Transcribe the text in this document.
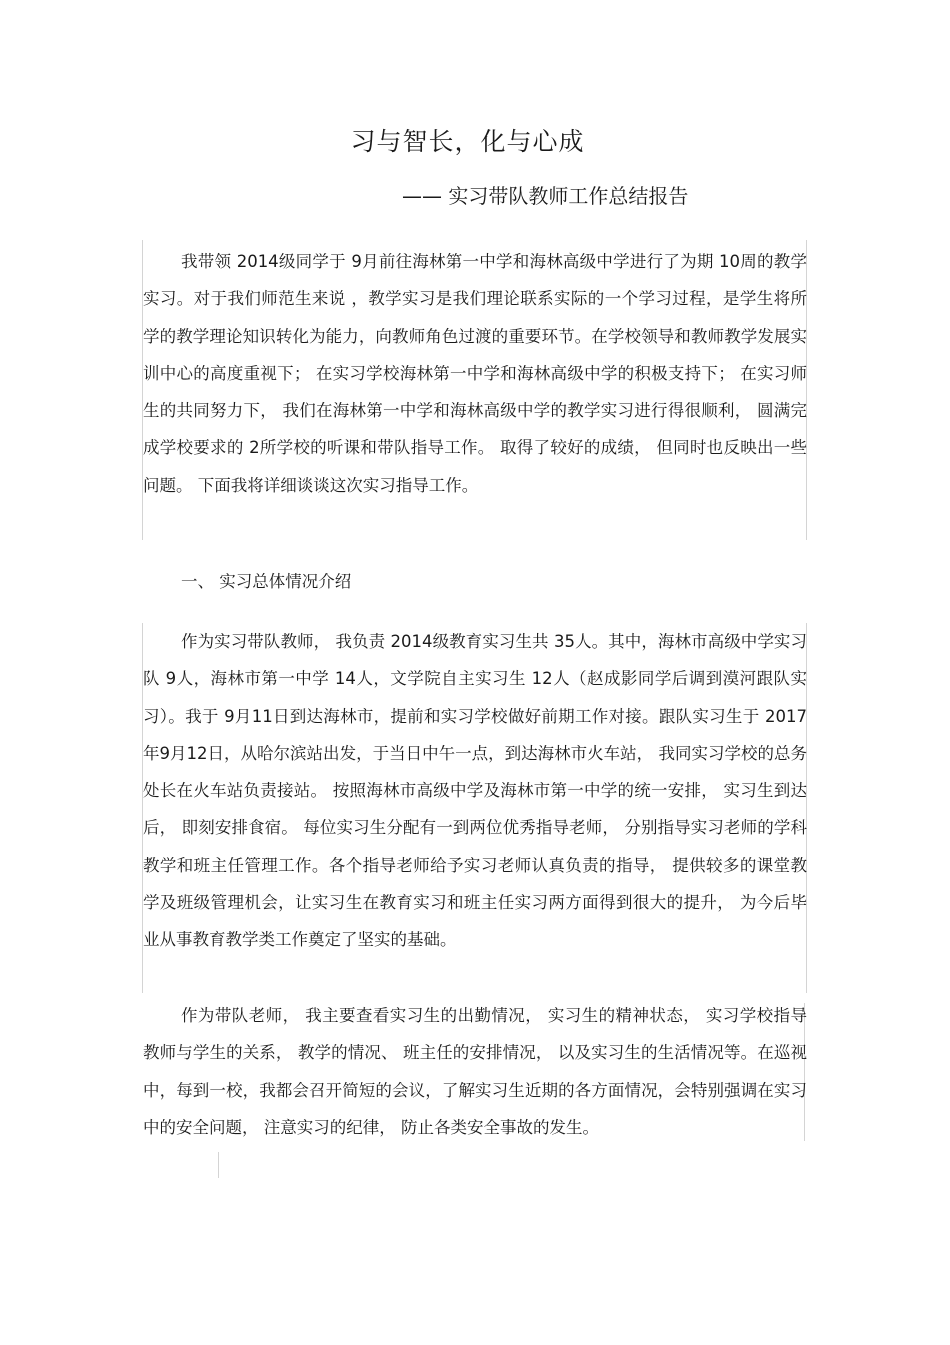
习与智长，化与心成
—— 实习带队教师工作总结报告

我带领 2014级同学于 9月前往海林第一中学和海林高级中学进行了为期 10周的教学实习。对于我们师范生来说 ，教学实习是我们理论联系实际的一个学习过程，是学生将所学的教学理论知识转化为能力，向教师角色过渡的重要环节。在学校领导和教师教学发展实训中心的高度重视下； 在实习学校海林第一中学和海林高级中学的积极支持下； 在实习师生的共同努力下， 我们在海林第一中学和海林高级中学的教学实习进行得很顺利， 圆满完成学校要求的 2所学校的听课和带队指导工作。 取得了较好的成绩， 但同时也反映出一些问题。 下面我将详细谈谈这次实习指导工作。

一、 实习总体情况介绍

作为实习带队教师， 我负责 2014级教育实习生共 35人。其中，海林市高级中学实习队 9人，海林市第一中学 14人，文学院自主实习生 12人（赵成影同学后调到漠河跟队实习）。我于 9月11日到达海林市，提前和实习学校做好前期工作对接。跟队实习生于 2017年9月12日，从哈尔滨站出发，于当日中午一点，到达海林市火车站， 我同实习学校的总务处长在火车站负责接站。 按照海林市高级中学及海林市第一中学的统一安排， 实习生到达后， 即刻安排食宿。 每位实习生分配有一到两位优秀指导老师， 分别指导实习老师的学科教学和班主任管理工作。各个指导老师给予实习老师认真负责的指导， 提供较多的课堂教学及班级管理机会，让实习生在教育实习和班主任实习两方面得到很大的提升， 为今后毕业从事教育教学类工作奠定了坚实的基础。

作为带队老师， 我主要查看实习生的出勤情况， 实习生的精神状态， 实习学校指导教师与学生的关系， 教学的情况、 班主任的安排情况， 以及实习生的生活情况等。在巡视中，每到一校，我都会召开简短的会议，了解实习生近期的各方面情况，会特别强调在实习中的安全问题， 注意实习的纪律， 防止各类安全事故的发生。
